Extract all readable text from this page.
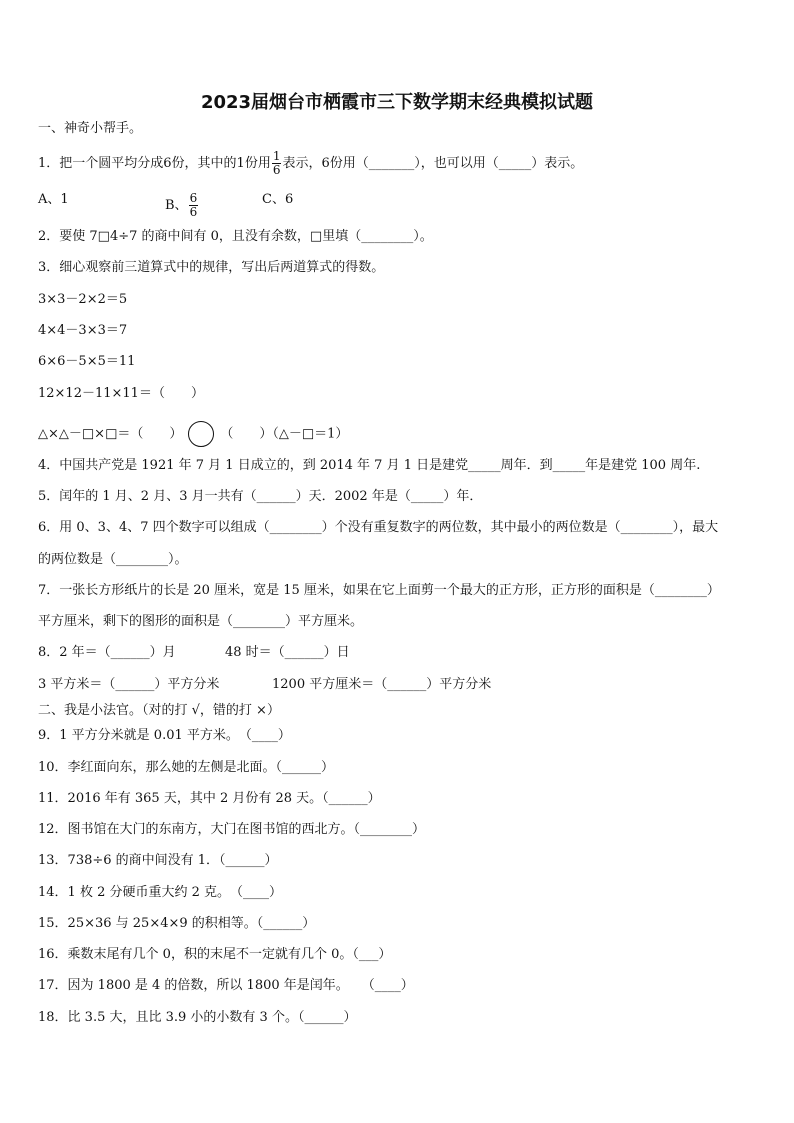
2023届烟台市栖霞市三下数学期末经典模拟试题
一、神奇小帮手。
1．把一个圆平均分成6份，其中的1份用 $\frac{1}{6}$ 表示，6份用（_______），也可以用（_____）表示。
A、1	B、 $\frac{6}{6}$	C、6
2．要使 7□4÷7 的商中间有 0，且没有余数，□里填（________）。
3．细心观察前三道算式中的规律，写出后两道算式的得数。
3×3－2×2＝5
4×4－3×3＝7
6×6－5×5＝11
12×12－11×11＝（　　）
△×△－□×□＝（　　）	（　　）（△－□＝1）
4．中国共产党是 1921 年 7 月 1 日成立的，到 2014 年 7 月 1 日是建党_____周年．到_____年是建党 100 周年.
5．闰年的 1 月、2 月、3 月一共有（______）天．2002 年是（_____）年．
6．用 0、3、4、7 四个数字可以组成（________）个没有重复数字的两位数，其中最小的两位数是（________），最大
的两位数是（________）。
7．一张长方形纸片的长是 20 厘米，宽是 15 厘米，如果在它上面剪一个最大的正方形，正方形的面积是（________）
平方厘米，剩下的图形的面积是（________）平方厘米。
8．2 年＝（______）月	48 时＝（______）日
3 平方米＝（______）平方分米	1200 平方厘米＝（______）平方分米
二、我是小法官。（对的打 √，错的打 ×）
9．1 平方分米就是 0.01 平方米。　（____）
10．李红面向东，那么她的左侧是北面。（______）
11．2016 年有 365 天，其中 2 月份有 28 天。（______）
12．图书馆在大门的东南方，大门在图书馆的西北方。（________）
13．738÷6 的商中间没有 1．（______）
14．1 枚 2 分硬币重大约 2 克。　（____）
15．25×36 与 25×4×9 的积相等。（______）
16．乘数末尾有几个 0，积的末尾不一定就有几个 0。（___）
17．因为 1800 是 4 的倍数，所以 1800 年是闰年。　　（____）
18．比 3.5 大，且比 3.9 小的小数有 3 个。（______）
